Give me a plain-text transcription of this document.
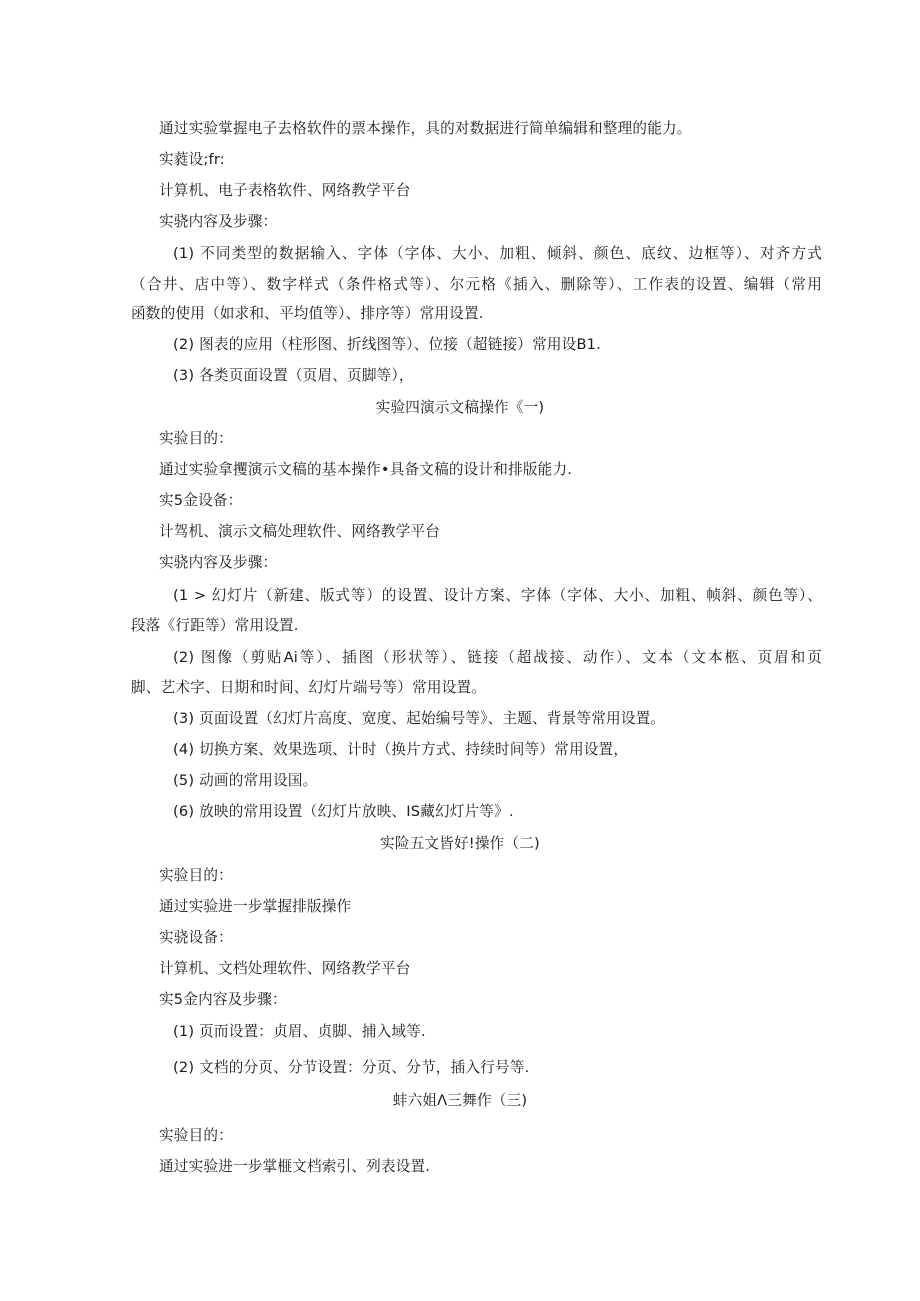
通过实验掌握电子去格软件的票本操作，具的对数据进行简单编辑和整理的能力。

实蕤设;fr:

计算机、电子表格软件、网络教学平台

实骁内容及步骤：

(1) 不同类型的数据输入、字体（字体、大小、加粗、倾斜、颜色、底纹、边框等）、对齐方式
（合井、店中等）、数字样式（条件格式等）、尔元格《插入、删除等）、工作表的设置、编辑（常用

函数的使用（如求和、平均值等）、排序等）常用设置.

(2) 图表的应用（柱形图、折线图等）、位接（超链接）常用设B1.

(3) 各类页面设置（页眉、页脚等），

实验四演示文稿操作《一)

实验目的：

通过实验拿攫演示文稿的基本操作•具备文稿的设计和排版能力.

实5金设备：

计驾机、演示文稿处理软件、网络教学平台

实骁内容及步骤：

(1 > 幻灯片（新建、版式等）的设置、设计方案、字体（字体、大小、加粗、帧斜、颜色等）、

段落《行距等）常用设置.

(2) 图像（剪贴Ai等）、插图（形状等）、链接（超战接、动作）、文本（文本柩、页眉和页

脚、艺术字、日期和时间、幻灯片端号等）常用设置。

(3) 页面设置（幻灯片高度、宽度、起始编号等》、主题、背景等常用设置。

(4) 切换方案、效果选项、计时（换片方式、持续时间等）常用设置，

(5) 动画的常用设国。

(6) 放映的常用设置（幻灯片放映、IS藏幻灯片等》.

实险五文皆好!操作（二)

实验目的：

通过实验进一步掌握排版操作

实骁设备：

计算机、文档处理软件、网络教学平台

实5金内容及步骤：

(1) 页而设置：贞眉、贞脚、捕入域等.

(2) 文档的分页、分节设置：分页、分节，插入行号等.

蚌六姐Λ三舞作（三)

实验目的：

通过实验进一步掌榧文档索引、列表设置.
